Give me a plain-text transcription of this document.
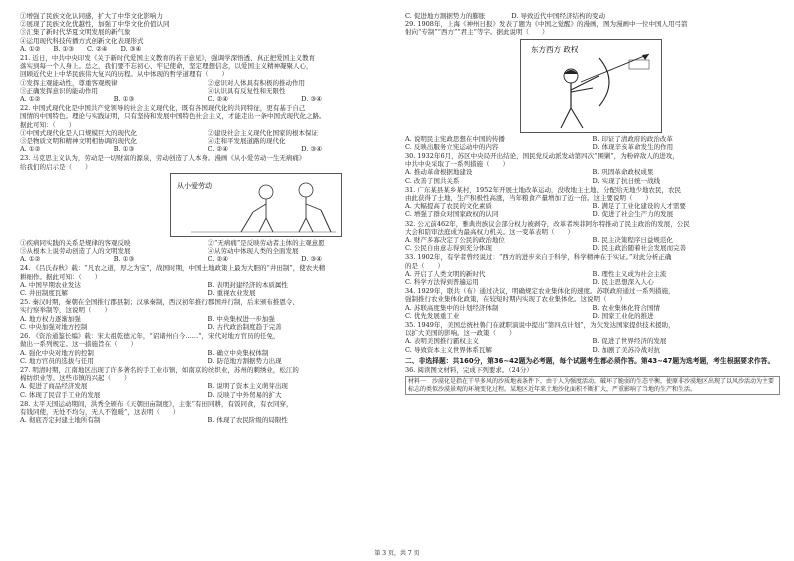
①增强了民族文化认同感，扩大了中华文化影响力
②展现了民族文化优越性，加强了中华文化价值认同
③汇集了新时代华夏文明发展的新气象
④运用现代科技传播方式创新文化表现形式
A. ①②　　B. ①③　　C. ②④　　D. ③④
21. 近日，中共中央印发《关于新时代爱国主义教育的若干意见》，强调学深悟透、真正把爱国主义教育
落实到每一个人身上。总之，我们要不忘初心、牢记使命，坚定理想信念，以爱国主义精神凝聚人心，
回顾近代史上中华民族伟大复兴的历程。从中体现的哲学道理有（　　）
①发挥主观能动性，尊重客观规律	②意识对人体具有积极的推动作用
③正确发挥意识的能动作用	④认识具有反复性和无限性
A. ①②	B. ①③	C. ②④	D. ③④
22. 中国式现代化是中国共产党领导的社会主义现代化，既有各国现代化的共同特征，更有基于自己
国情的中国特色。理论与实践证明，只有坚持和发展中国特色社会主义，才能走出一条中国式现代化之路。
据此可知：（　　）
①中国式现代化是人口规模巨大的现代化	②建设社会主义现代化国家的根本保证
③是物质文明和精神文明相协调的现代化	④走和平发展道路的现代化
A. ①②	B. ①③	C. ②④	D. ③④
23. 马克思主义认为，劳动是一切财富的源泉，劳动创造了人本身。漫画《从小爱劳动一生无病痛》
给我们的启示是（　　）
从小爱劳动
①疾病同实践的关系是规律的客观反映	②“无病痛”是反映劳动者主体的主观意愿
③从根本上说劳动创造了人的文明发展	④从劳动中体现人类的全面发展
A. ①②	B. ①③	C. ②④	D. ③④
24. 《吕氏春秋》载：“凡农之道，厚之为宝”，战国时期，中国土地政策上最为大胆的“井田制”，使农夫精
耕细作。据此可知：（　　）
A. 中国早期农业发达	B. 表明封建经济的本质属性
C. 井田制度瓦解	D. 重视农业发展
25. 秦汉时期，秦朝在全国推行郡县制；汉承秦制，西汉初年推行郡国并行制，后来颁布推恩令、
实行察举制等，这说明（　　）
A. 地方权力逐渐加强	B. 中央集权进一步加强
C. 中央加强对地方控制	D. 古代政治制度趋于完善
26. 《资治通鉴长编》载：宋太祖乾德元年，“诏诸州自今……”，宋代对地方官员的任免，
做出一系列规定。这一措施旨在（　　）
A. 强化中央对地方的控制	B. 确立中央集权体制
C. 地方官员的选拔与任用	D. 防范地方割据势力出现
27. 明清时期，江南地区出现了许多著名的手工业市镇，如南京的丝织业，苏州的刺绣业，松江的
棉纺织业等。这些市镇的兴起（　　）
A. 促进了商品经济发展	B. 说明了资本主义萌芽出现
C. 体现了民营手工业的发展	D. 反映了中外贸易的扩大
28. 太平天国运动期间，洪秀全颁布《天朝田亩制度》，主张“有田同耕，有饭同食，有衣同穿，
有钱同使，无处不均匀，无人不饱暖”，这表明（　　）
A. 彻底否定封建土地所有制	B. 体现了农民阶级的局限性
C. 促进地方割据势力的膨胀　　　　D. 导致近代中国经济结构的变动
29. 1908年，上海《神州日报》发表了题为《中国之觉醒》的漫画，图为漫画中一位中国人用弓箭
射向“专制”“西方”“君主”等字。据此说明（　　）
东方西方 政权
A. 说明民主宪政思想在中国的传播	B. 印证了清政府的政治改革
C. 反映出服务立宪运动中的内容	D. 体现辛亥革命发生的作用
30. 1932年6月，苏区中央局开出结论，国民党反动派发动第四次“围剿”，为粉碎敌人的进攻，
中共中央采取了一系列措施（　　）
A. 推动革命根据地建设	B. 巩固革命政权成果
C. 改善了国共关系	D. 实现了抗日统一战线
31. 广东某县某乡某村，1952年开展土地改革运动，没收地主土地、分配给无地少地农民，农民
由此获得了土地，生产积极性高涨，当年粮食产量增加了近一倍。这主要说明（　　）
A. 大幅提高了农民的文化素质	B. 满足了工业化建设的人才需要
C. 增强了群众对国家政权的认同	D. 促进了社会生产力的发展
32. 公元前462年，雅典贵族议会部分权力被剥夺，改革者埃菲阿尔特推动了民主政治的发展，公民
大会和陪审法庭成为最高权力机关。这一变革表明（　　）
A. 财产多寡决定了公民的政治地位	B. 民主决策程序日益规范化
C. 公民自由意志得到充分体现	D. 民主政治随着社会发展而完善
33. 1902年，有学者曾经说过：“西方的进步来自于科学，科学精神在于实证。”对此分析正确
的是（　　）
A. 开启了人类文明的新时代	B. 理性主义成为社会主流
C. 科学方法得到普遍运用	D. 民主思想深入人心
34. 1929年，联共（布）通过决议，明确规定农业集体化的速度。苏联政府通过一系列措施，
强制推行农业集体化政策，在较短时期内实现了农业集体化。这说明（　　）
A. 苏联高度集中的计划经济体制	B. 农业集体化符合国情
C. 优先发展重工业	D. 国家工业化的推进
35. 1949年，美国总统杜鲁门在就职演说中提出“第四点计划”，为欠发达国家提供技术援助，
以扩大美国的影响。这一政策（　　）
A. 表明美国推行霸权主义	B. 促进了世界经济的发展
C. 导致资本主义世界体系瓦解	D. 加剧了美苏冷战对抗
二、非选择题：共160分，第36~42题为必考题，每个试题考生都必须作答。第43~47题为选考题，考生根据要求作答。
36. 阅读图文材料，完成下列要求。（24分）
材料一　沙漠化是指在干旱多风的沙质地表条件下，由于人为强度活动，破坏了脆弱的生态平衡，使原非沙漠地区出现了以风沙活动为主要标志的类似沙漠景观的环境变化过程。某地区近年来土地沙化面积不断扩大，严重影响了当地的生产和生活。
第 3 页，共 7 页
